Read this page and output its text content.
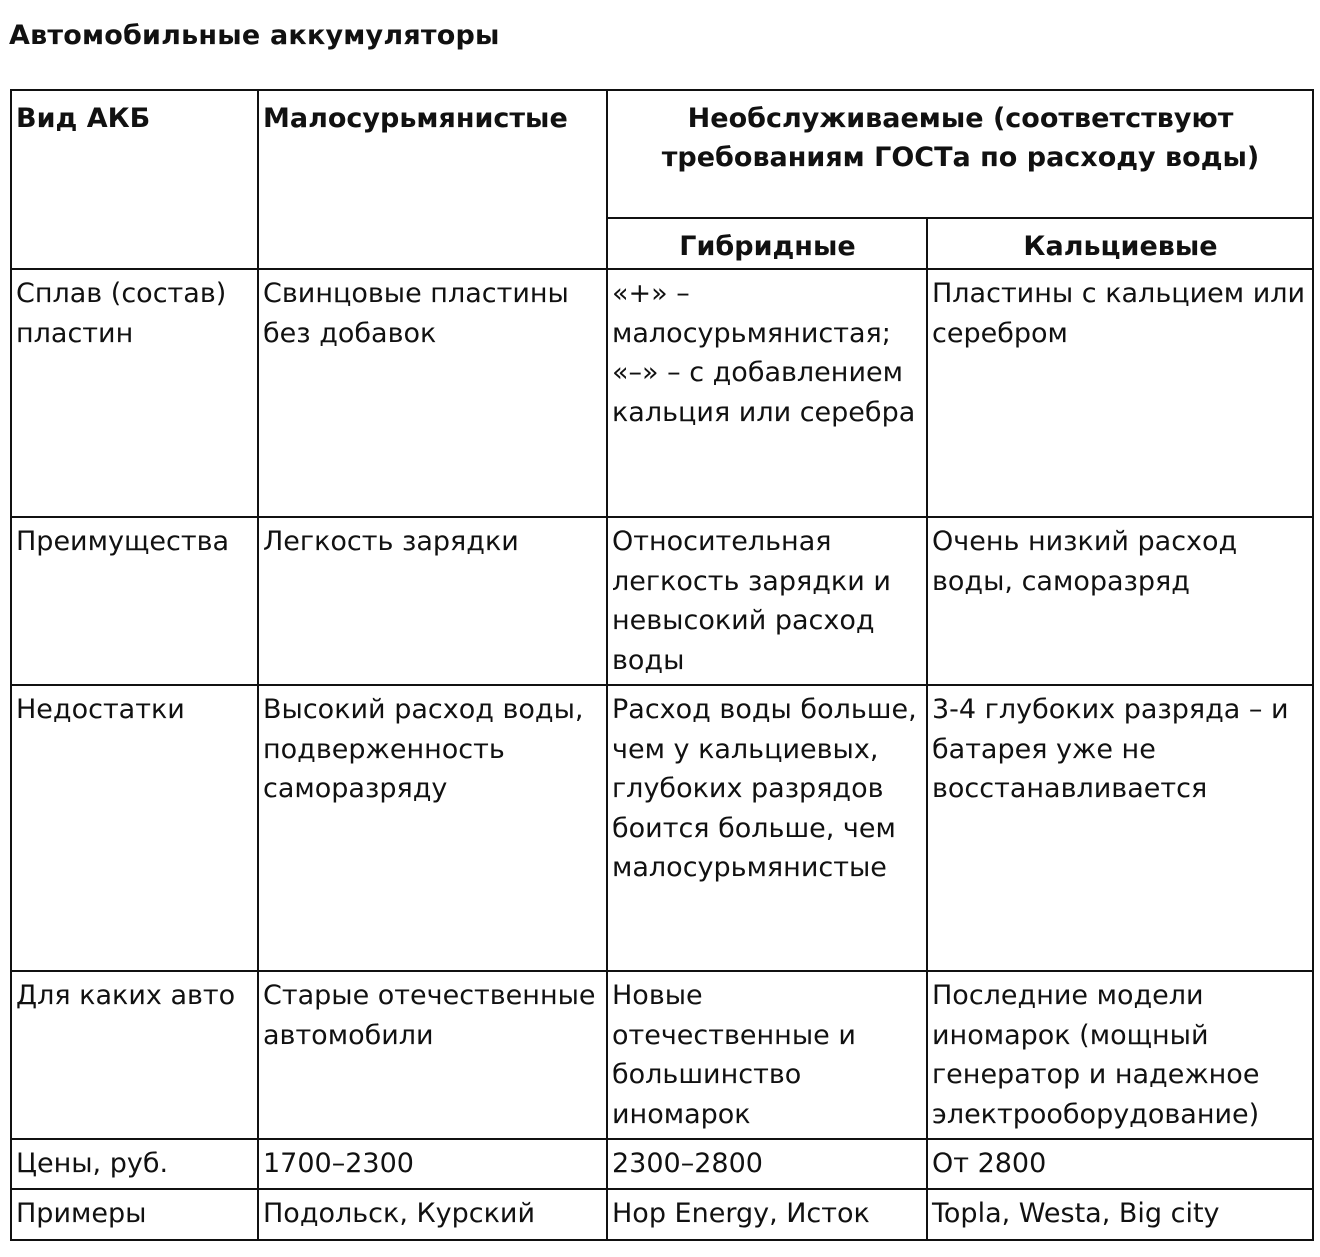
Автомобильные аккумуляторы
Вид АКБ	Малосурьмянистые	Необслуживаемые (соответствуют требованиям ГОСТа по расходу воды)	
		Гибридные	Кальциевые
Сплав (состав) пластин	Свинцовые пластины без добавок	«+» – малосурьмянистая; «–» – с добавлением кальция или серебра	Пластины с кальцием или серебром
Преимущества	Легкость зарядки	Относительная легкость зарядки и невысокий расход воды	Очень низкий расход воды, саморазряд
Недостатки	Высокий расход воды, подверженность саморазряду	Расход воды больше, чем у кальциевых, глубоких разрядов боится больше, чем малосурьмянистые	3-4 глубоких разряда – и батарея уже не восстанавливается
Для каких авто	Старые отечественные автомобили	Новые отечественные и большинство иномарок	Последние модели иномарок (мощный генератор и надежное электрооборудование)
Цены, руб.	1700–2300	2300–2800	От 2800
Примеры	Подольск, Курский	Hop Energy, Исток	Topla, Westa, Big city
